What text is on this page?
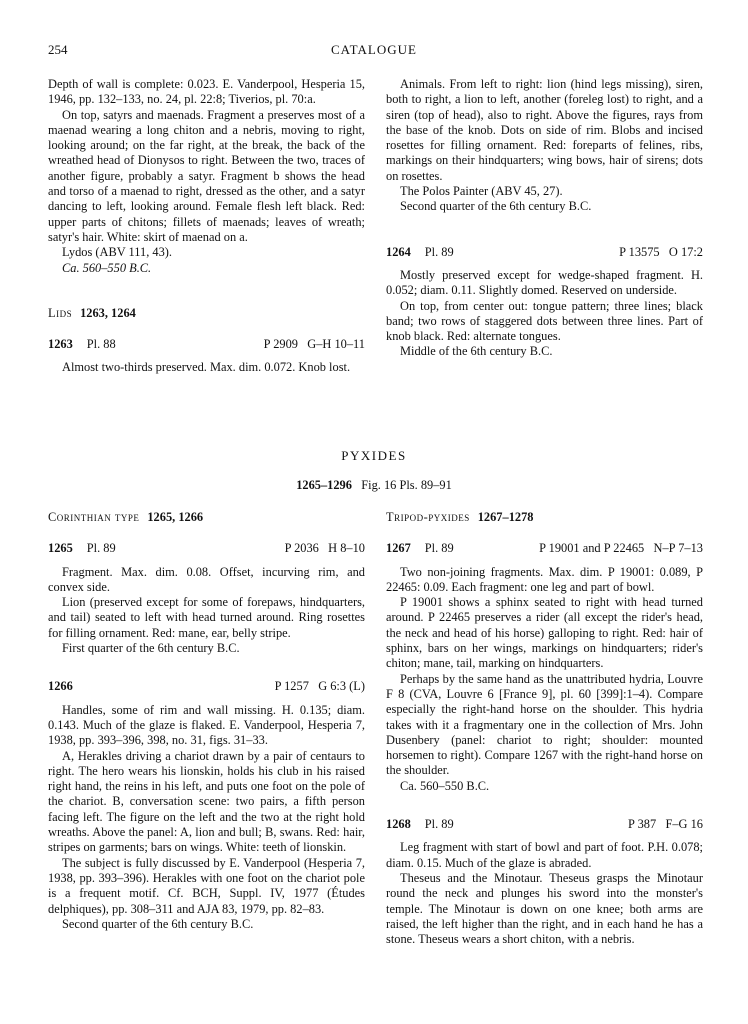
254	CATALOGUE

Depth of wall is complete: 0.023. E. Vanderpool, Hesperia 15, 1946, pp. 132–133, no. 24, pl. 22:8; Tiverios, pl. 70:a.

On top, satyrs and maenads. Fragment a preserves most of a maenad wearing a long chiton and a nebris, moving to right, looking around; on the far right, at the break, the back of the wreathed head of Dionysos to right. Between the two, traces of another figure, probably a satyr. Fragment b shows the head and torso of a maenad to right, dressed as the other, and a satyr dancing to left, looking around. Female flesh left black. Red: upper parts of chitons; fillets of maenads; leaves of wreath; satyr's hair. White: skirt of maenad on a.

Lydos (ABV 111, 43).

Ca. 560–550 B.C.

Lids 1263, 1264
1263 Pl. 88	P 2909 G–H 10–11

Almost two-thirds preserved. Max. dim. 0.072. Knob lost.

Animals. From left to right: lion (hind legs missing), siren, both to right, a lion to left, another (foreleg lost) to right, and a siren (top of head), also to right. Above the figures, rays from the base of the knob. Dots on side of rim. Blobs and incised rosettes for filling ornament. Red: foreparts of felines, ribs, markings on their hindquarters; wing bows, hair of sirens; dots on rosettes.

The Polos Painter (ABV 45, 27).

Second quarter of the 6th century B.C.

1264 Pl. 89	P 13575 O 17:2

Mostly preserved except for wedge-shaped fragment. H. 0.052; diam. 0.11. Slightly domed. Reserved on underside.

On top, from center out: tongue pattern; three lines; black band; two rows of staggered dots between three lines. Part of knob black. Red: alternate tongues.

Middle of the 6th century B.C.

PYXIDES
1265–1296 Fig. 16 Pls. 89–91
Corinthian type 1265, 1266
1265 Pl. 89	P 2036 H 8–10

Fragment. Max. dim. 0.08. Offset, incurving rim, and convex side.

Lion (preserved except for some of forepaws, hindquarters, and tail) seated to left with head turned around. Ring rosettes for filling ornament. Red: mane, ear, belly stripe.

First quarter of the 6th century B.C.

1266	P 1257 G 6:3 (L)

Handles, some of rim and wall missing. H. 0.135; diam. 0.143. Much of the glaze is flaked. E. Vanderpool, Hesperia 7, 1938, pp. 393–396, 398, no. 31, figs. 31–33.

A, Herakles driving a chariot drawn by a pair of centaurs to right. The hero wears his lionskin, holds his club in his raised right hand, the reins in his left, and puts one foot on the pole of the chariot. B, conversation scene: two pairs, a fifth person facing left. The figure on the left and the two at the right hold wreaths. Above the panel: A, lion and bull; B, swans. Red: hair, stripes on garments; bars on wings. White: teeth of lionskin.

The subject is fully discussed by E. Vanderpool (Hesperia 7, 1938, pp. 393–396). Herakles with one foot on the chariot pole is a frequent motif. Cf. BCH, Suppl. IV, 1977 (Études delphiques), pp. 308–311 and AJA 83, 1979, pp. 82–83.

Second quarter of the 6th century B.C.

Tripod-pyxides 1267–1278
1267 Pl. 89	P 19001 and P 22465 N–P 7–13

Two non-joining fragments. Max. dim. P 19001: 0.089, P 22465: 0.09. Each fragment: one leg and part of bowl.

P 19001 shows a sphinx seated to right with head turned around. P 22465 preserves a rider (all except the rider's head, the neck and head of his horse) galloping to right. Red: hair of sphinx, bars on her wings, markings on hindquarters; rider's chiton; mane, tail, marking on hindquarters.

Perhaps by the same hand as the unattributed hydria, Louvre F 8 (CVA, Louvre 6 [France 9], pl. 60 [399]:1–4). Compare especially the right-hand horse on the shoulder. This hydria takes with it a fragmentary one in the collection of Mrs. John Dusenbery (panel: chariot to right; shoulder: mounted horsemen to right). Compare 1267 with the right-hand horse on the shoulder.

Ca. 560–550 B.C.

1268 Pl. 89	P 387 F–G 16

Leg fragment with start of bowl and part of foot. P.H. 0.078; diam. 0.15. Much of the glaze is abraded.

Theseus and the Minotaur. Theseus grasps the Minotaur round the neck and plunges his sword into the monster's temple. The Minotaur is down on one knee; both arms are raised, the left higher than the right, and in each hand he has a stone. Theseus wears a short chiton, with a nebris.
